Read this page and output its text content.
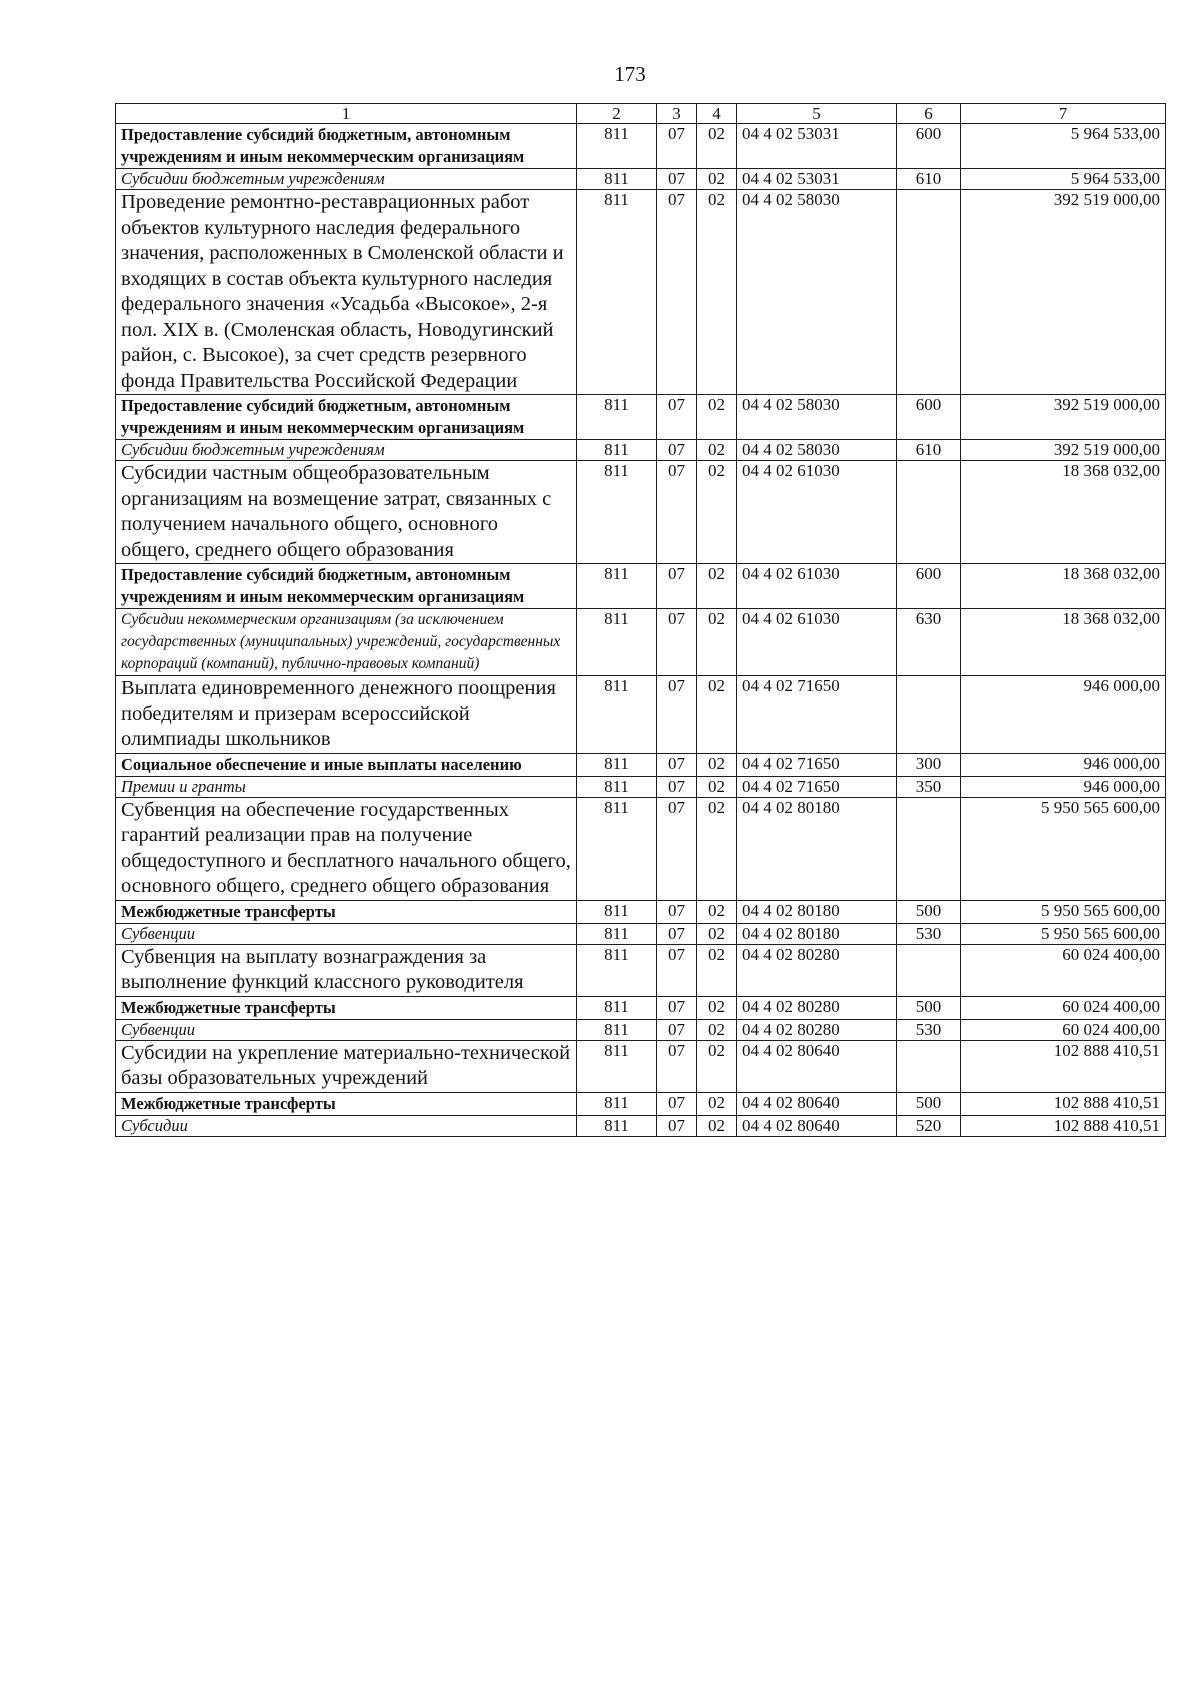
173
1	2	3	4	5	6	7
Предоставление субсидий бюджетным, автономным учреждениям и иным некоммерческим организациям	811	07	02	04 4 02 53031	600	5 964 533,00
Субсидии бюджетным учреждениям	811	07	02	04 4 02 53031	610	5 964 533,00
Проведение ремонтно-реставрационных работ объектов культурного наследия федерального значения, расположенных в Смоленской области и входящих в состав объекта культурного наследия федерального значения «Усадьба «Высокое», 2-я пол. XIX в. (Смоленская область, Новодугинский район, с. Высокое), за счет средств резервного фонда Правительства Российской Федерации	811	07	02	04 4 02 58030		392 519 000,00
Предоставление субсидий бюджетным, автономным учреждениям и иным некоммерческим организациям	811	07	02	04 4 02 58030	600	392 519 000,00
Субсидии бюджетным учреждениям	811	07	02	04 4 02 58030	610	392 519 000,00
Субсидии частным общеобразовательным организациям на возмещение затрат, связанных с получением начального общего, основного общего, среднего общего образования	811	07	02	04 4 02 61030		18 368 032,00
Предоставление субсидий бюджетным, автономным учреждениям и иным некоммерческим организациям	811	07	02	04 4 02 61030	600	18 368 032,00
Субсидии некоммерческим организациям (за исключением государственных (муниципальных) учреждений, государственных корпораций (компаний), публично-правовых компаний)	811	07	02	04 4 02 61030	630	18 368 032,00
Выплата единовременного денежного поощрения победителям и призерам всероссийской олимпиады школьников	811	07	02	04 4 02 71650		946 000,00
Социальное обеспечение и иные выплаты населению	811	07	02	04 4 02 71650	300	946 000,00
Премии и гранты	811	07	02	04 4 02 71650	350	946 000,00
Субвенция на обеспечение государственных гарантий реализации прав на получение общедоступного и бесплатного начального общего, основного общего, среднего общего образования	811	07	02	04 4 02 80180		5 950 565 600,00
Межбюджетные трансферты	811	07	02	04 4 02 80180	500	5 950 565 600,00
Субвенции	811	07	02	04 4 02 80180	530	5 950 565 600,00
Субвенция на выплату вознаграждения за выполнение функций классного руководителя	811	07	02	04 4 02 80280		60 024 400,00
Межбюджетные трансферты	811	07	02	04 4 02 80280	500	60 024 400,00
Субвенции	811	07	02	04 4 02 80280	530	60 024 400,00
Субсидии на укрепление материально-технической базы образовательных учреждений	811	07	02	04 4 02 80640		102 888 410,51
Межбюджетные трансферты	811	07	02	04 4 02 80640	500	102 888 410,51
Субсидии	811	07	02	04 4 02 80640	520	102 888 410,51
